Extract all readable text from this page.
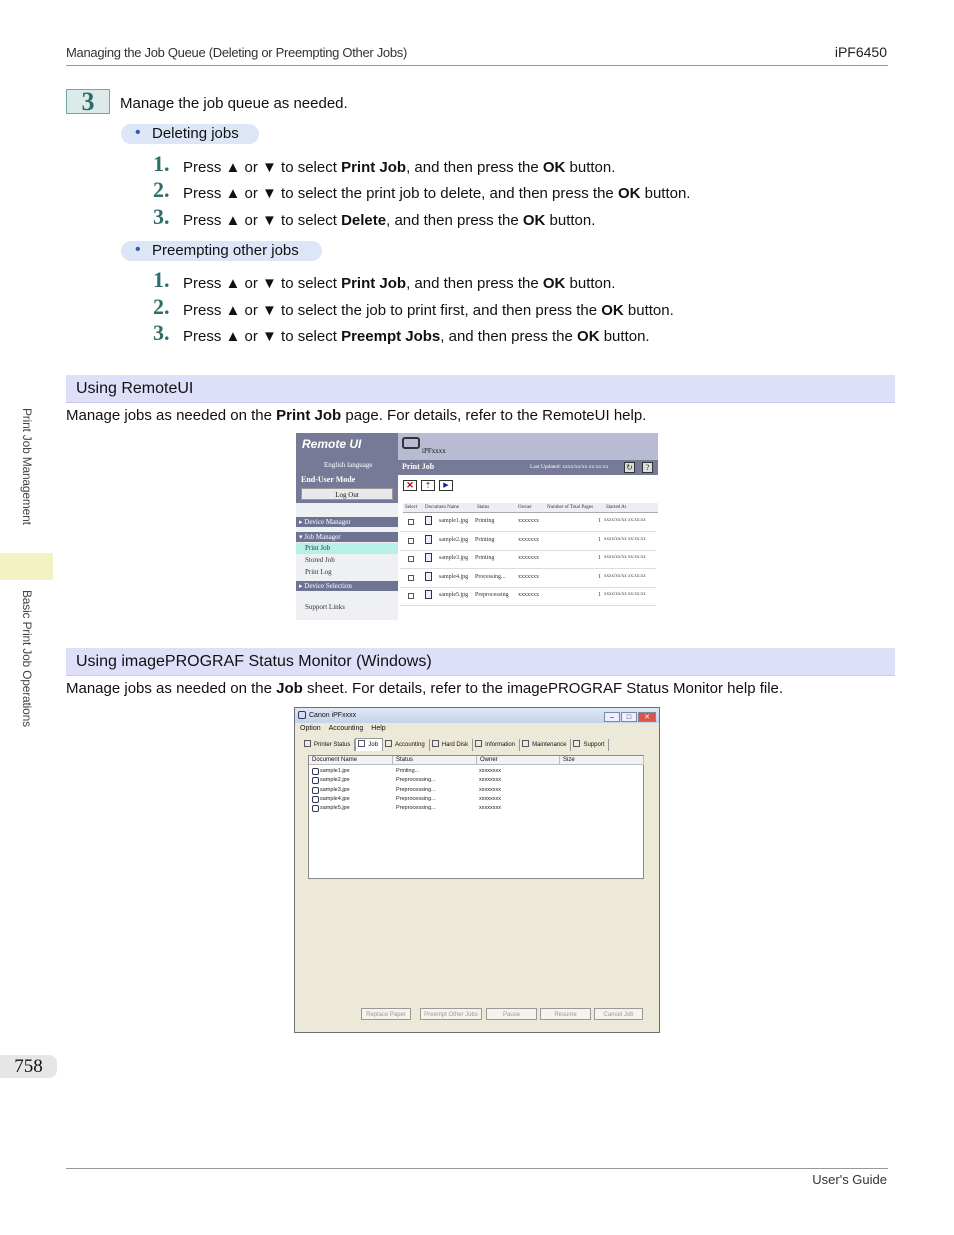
Managing the Job Queue (Deleting or Preempting Other Jobs)	iPF6450
Print Job Management
Basic Print Job Operations
3	Manage the job queue as needed.
• Deleting jobs
1. Press ▲ or ▼ to select Print Job, and then press the OK button.
2. Press ▲ or ▼ to select the print job to delete, and then press the OK button.
3. Press ▲ or ▼ to select Delete, and then press the OK button.
• Preempting other jobs
1. Press ▲ or ▼ to select Print Job, and then press the OK button.
2. Press ▲ or ▼ to select the job to print first, and then press the OK button.
3. Press ▲ or ▼ to select Preempt Jobs, and then press the OK button.
Using RemoteUI
Manage jobs as needed on the Print Job page. For details, refer to the RemoteUI help.
Remote UI
English language
End-User Mode
Log Out
▸ Device Manager
▾ Job Manager
Print Job
Stored Job
Print Log
▸ Device Selection
Support Links
iPFxxxx
Print Job	Last Updated: xxxx/xx/xx xx:xx:xx ↻	?
✕	⇡	▶
Select	Document Name	Status	Owner	Number of Total Pages	Started At
sample1.jpg Printing	xxxxxxx	1 xxxx/xx/xx xx:xx:xx
sample2.jpg Printing	xxxxxxx	1 xxxx/xx/xx xx:xx:xx
sample3.jpg Printing	xxxxxxx	1 xxxx/xx/xx xx:xx:xx
sample4.jpg Processing... xxxxxxx	1 xxxx/xx/xx xx:xx:xx
sample5.jpg Preprocessing xxxxxxx	1 xxxx/xx/xx xx:xx:xx
Using imagePROGRAF Status Monitor (Windows)
Manage jobs as needed on the Job sheet. For details, refer to the imagePROGRAF Status Monitor help file.
Canon iPFxxxx	– □ ✕
Option Accounting Help
Printer Status	Job	Accounting	Hard Disk	Information	Maintenance	Support
Document Name	Status	Owner	Size
sample1.jpe	Printing...	xxxxxxxx
sample2.jpe	Preprocessing...	xxxxxxxx
sample3.jpe	Preprocessing...	xxxxxxxx
sample4.jpe	Preprocessing...	xxxxxxxx
sample5.jpe	Preprocessing...	xxxxxxxx
Replace Paper	Preempt Other Jobs	Pause	Resume	Cancel Job
758
User's Guide
